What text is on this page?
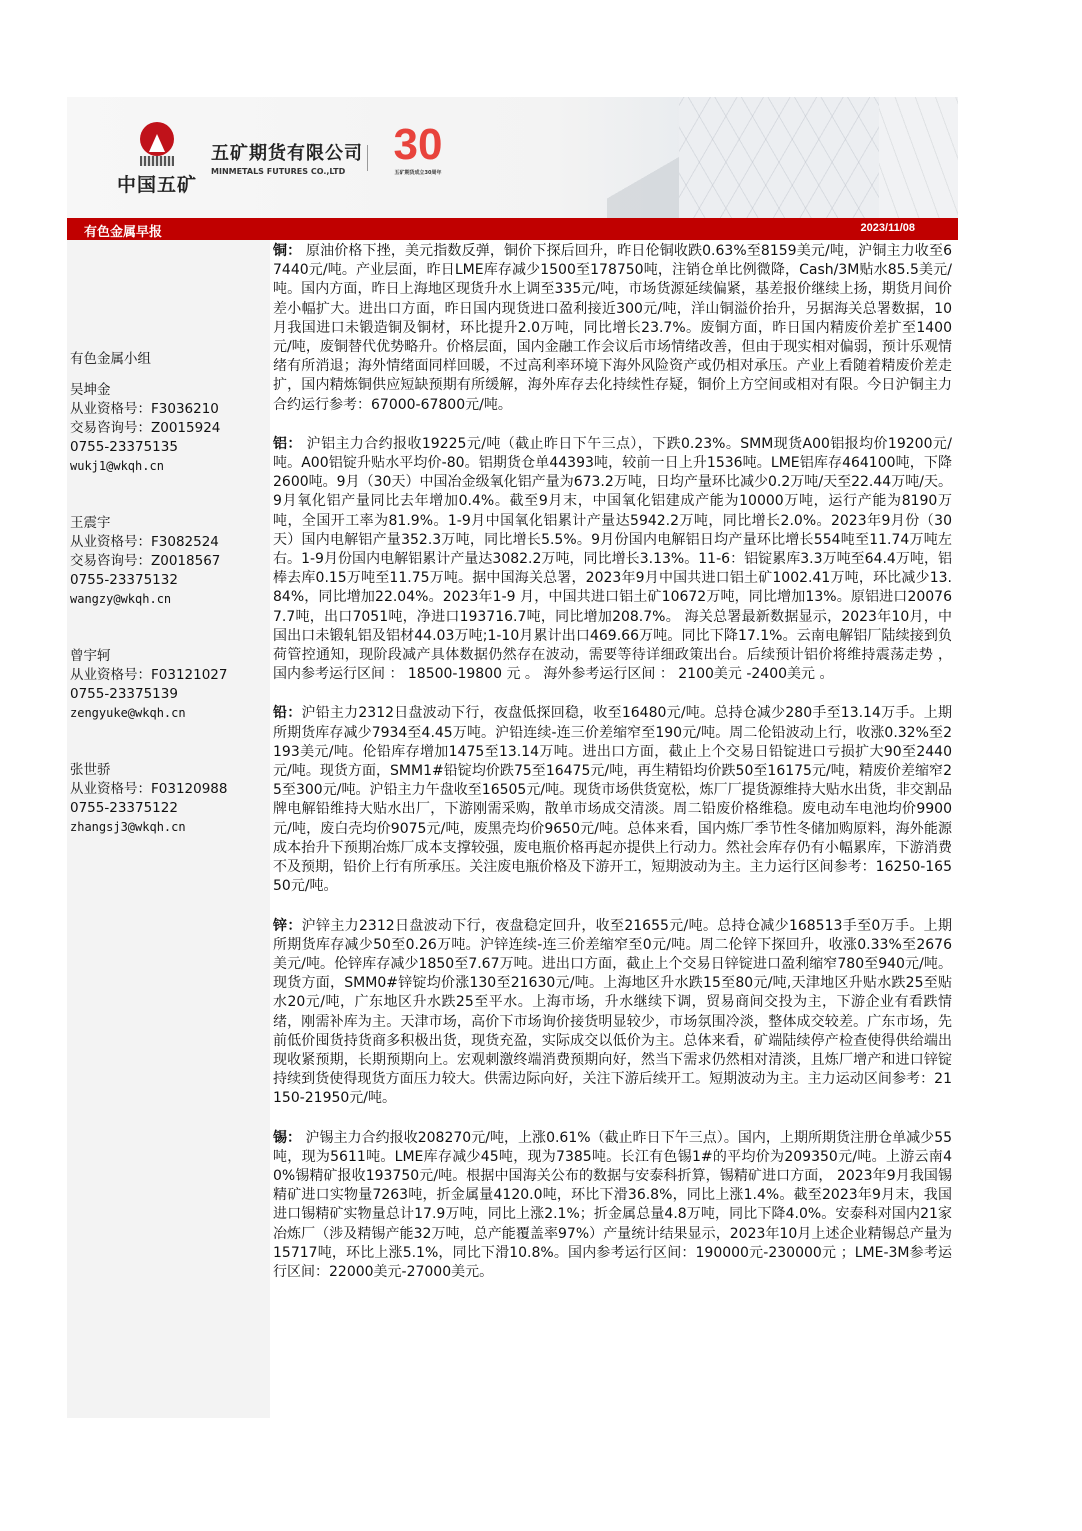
中国五矿
五矿期货有限公司
MINMETALS FUTURES CO.,LTD
30
五矿期货成立30周年
有色金属早报	2023/11/08
有色金属小组
吴坤金
从业资格号：F3036210
交易咨询号：Z0015924
0755-23375135
wukj1@wkqh.cn
王震宇
从业资格号：F3082524
交易咨询号：Z0018567
0755-23375132
wangzy@wkqh.cn
曾宇轲
从业资格号：F03121027
0755-23375139
zengyuke@wkqh.cn
张世骄
从业资格号：F03120988
0755-23375122
zhangsj3@wkqh.cn

铜： 原油价格下挫，美元指数反弹，铜价下探后回升，昨日伦铜收跌0.63%至8159美元/吨，沪铜主力收至67440元/吨。产业层面，昨日LME库存减少1500至178750吨，注销仓单比例微降，Cash/3M贴水85.5美元/吨。国内方面，昨日上海地区现货升水上调至335元/吨，市场货源延续偏紧，基差报价继续上扬，期货月间价差小幅扩大。进出口方面，昨日国内现货进口盈利接近300元/吨，洋山铜溢价抬升，另据海关总署数据，10月我国进口未锻造铜及铜材，环比提升2.0万吨，同比增长23.7%。废铜方面，昨日国内精废价差扩至1400元/吨，废铜替代优势略升。价格层面，国内金融工作会议后市场情绪改善，但由于现实相对偏弱，预计乐观情绪有所消退；海外情绪面同样回暖，不过高利率环境下海外风险资产或仍相对承压。产业上看随着精废价差走扩，国内精炼铜供应短缺预期有所缓解，海外库存去化持续性存疑，铜价上方空间或相对有限。今日沪铜主力合约运行参考：67000-67800元/吨。

铝： 沪铝主力合约报收19225元/吨（截止昨日下午三点），下跌0.23%。SMM现货A00铝报均价19200元/吨。A00铝锭升贴水平均价-80。铝期货仓单44393吨，较前一日上升1536吨。LME铝库存464100吨，下降2600吨。9月（30天）中国冶金级氧化铝产量为673.2万吨，日均产量环比减少0.2万吨/天至22.44万吨/天。9月氧化铝产量同比去年增加0.4%。截至9月末，中国氧化铝建成产能为10000万吨，运行产能为8190万吨，全国开工率为81.9%。1-9月中国氧化铝累计产量达5942.2万吨，同比增长2.0%。2023年9月份（30天）国内电解铝产量352.3万吨，同比增长5.5%。9月份国内电解铝日均产量环比增长554吨至11.74万吨左右。1-9月份国内电解铝累计产量达3082.2万吨，同比增长3.13%。11-6：铝锭累库3.3万吨至64.4万吨，铝棒去库0.15万吨至11.75万吨。据中国海关总署，2023年9月中国共进口铝土矿1002.41万吨，环比减少13.84%，同比增加22.04%。2023年1-9 月，中国共进口铝土矿10672万吨，同比增加13%。原铝进口200767.7吨，出口7051吨，净进口193716.7吨，同比增加208.7%。 海关总署最新数据显示，2023年10月，中国出口未锻轧铝及铝材44.03万吨;1-10月累计出口469.66万吨。同比下降17.1%。云南电解铝厂陆续接到负荷管控通知，现阶段减产具体数据仍然存在波动，需要等待详细政策出台。后续预计铝价将维持震荡走势 ， 国内参考运行区间 ： 18500-19800 元 。 海外参考运行区间 ： 2100美元 -2400美元 。

铅：沪铅主力2312日盘波动下行，夜盘低探回稳，收至16480元/吨。总持仓减少280手至13.14万手。上期所期货库存减少7934至4.45万吨。沪铅连续-连三价差缩窄至190元/吨。周二伦铅波动上行，收涨0.32%至2193美元/吨。伦铅库存增加1475至13.14万吨。进出口方面，截止上个交易日铅锭进口亏损扩大90至2440元/吨。现货方面，SMM1#铅锭均价跌75至16475元/吨，再生精铅均价跌50至16175元/吨，精废价差缩窄25至300元/吨。沪铅主力午盘收至16505元/吨。现货市场供货宽松，炼厂厂提货源维持大贴水出货，非交割品牌电解铅维持大贴水出厂，下游刚需采购，散单市场成交清淡。周二铅废价格维稳。废电动车电池均价9900元/吨，废白壳均价9075元/吨，废黑壳均价9650元/吨。总体来看，国内炼厂季节性冬储加购原料，海外能源成本抬升下预期冶炼厂成本支撑较强，废电瓶价格再起亦提供上行动力。然社会库存仍有小幅累库，下游消费不及预期，铅价上行有所承压。关注废电瓶价格及下游开工，短期波动为主。主力运行区间参考：16250-16550元/吨。

锌：沪锌主力2312日盘波动下行，夜盘稳定回升，收至21655元/吨。总持仓减少168513手至0万手。上期所期货库存减少50至0.26万吨。沪锌连续-连三价差缩窄至0元/吨。周二伦锌下探回升，收涨0.33%至2676美元/吨。伦锌库存减少1850至7.67万吨。进出口方面，截止上个交易日锌锭进口盈利缩窄780至940元/吨。现货方面，SMM0#锌锭均价涨130至21630元/吨。上海地区升水跌15至80元/吨,天津地区升贴水跌25至贴水20元/吨，广东地区升水跌25至平水。上海市场，升水继续下调，贸易商间交投为主，下游企业有看跌情绪，刚需补库为主。天津市场，高价下市场询价接货明显较少，市场氛围冷淡，整体成交较差。广东市场，先前低价囤货持货商多积极出货，现货充盈，实际成交以低价为主。总体来看，矿端陆续停产检查使得供给端出现收紧预期，长期预期向上。宏观刺激终端消费预期向好，然当下需求仍然相对清淡，且炼厂增产和进口锌锭持续到货使得现货方面压力较大。供需边际向好，关注下游后续开工。短期波动为主。主力运动区间参考：21150-21950元/吨。

锡： 沪锡主力合约报收208270元/吨，上涨0.61%（截止昨日下午三点）。国内，上期所期货注册仓单减少55吨，现为5611吨。LME库存减少45吨，现为7385吨。长江有色锡1#的平均价为209350元/吨。上游云南40%锡精矿报收193750元/吨。根据中国海关公布的数据与安泰科折算，锡精矿进口方面， 2023年9月我国锡精矿进口实物量7263吨，折金属量4120.0吨，环比下滑36.8%，同比上涨1.4%。截至2023年9月末，我国进口锡精矿实物量总计17.9万吨，同比上涨2.1%；折金属总量4.8万吨，同比下降4.0%。安泰科对国内21家冶炼厂（涉及精锡产能32万吨，总产能覆盖率97%）产量统计结果显示，2023年10月上述企业精锡总产量为15717吨，环比上涨5.1%，同比下滑10.8%。国内参考运行区间：190000元-230000元 ；LME-3M参考运行区间：22000美元-27000美元。
